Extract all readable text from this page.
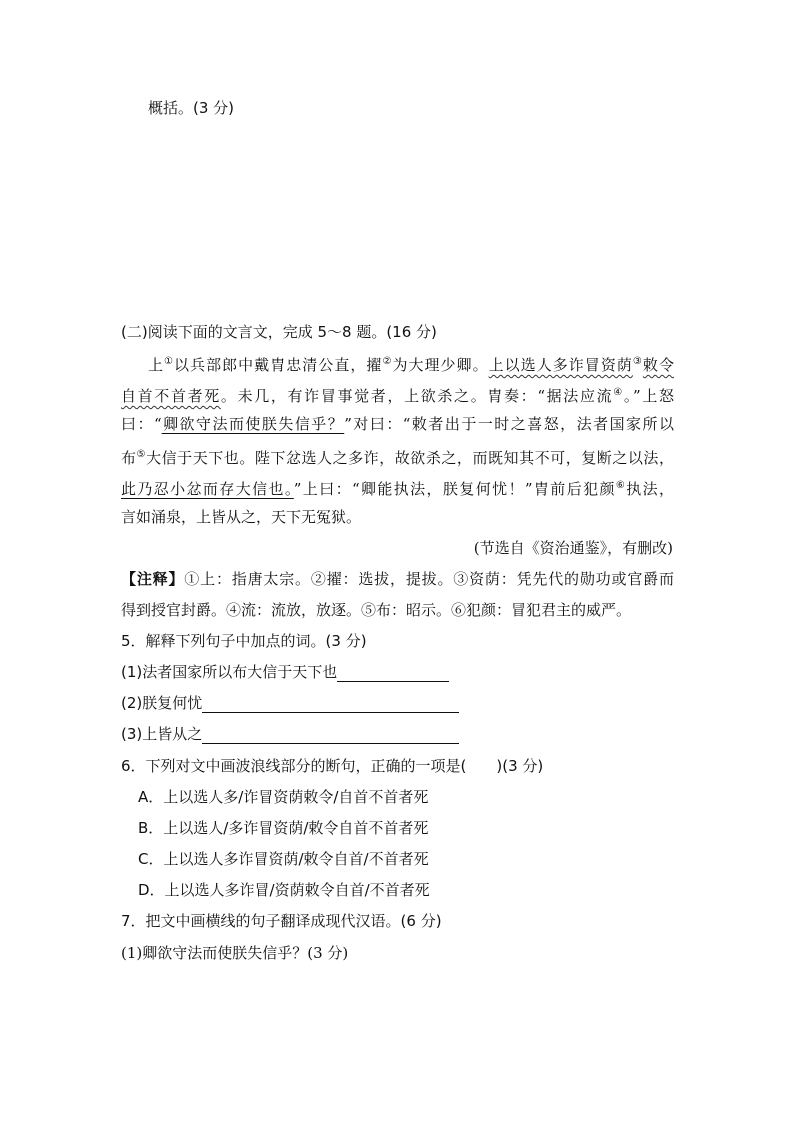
概括。(3 分)
(二)阅读下面的文言文，完成 5～8 题。(16 分)
上①以兵部郎中戴胄忠清公直，擢②为大理少卿。上以选人多诈冒资荫③敕令
自首不首者死。未几，有诈冒事觉者，上欲杀之。胄奏：“据法应流④。”上怒
曰：“卿欲守法而使朕失信乎？”对曰：“敕者出于一时之喜怒，法者国家所以
布⑤大信于天下也。陛下忿选人之多诈，故欲杀之，而既知其不可，复断之以法，
此乃忍小忿而存大信也。”上曰：“卿能执法，朕复何忧！”胄前后犯颜⑥执法，
言如涌泉，上皆从之，天下无冤狱。
(节选自《资治通鉴》，有删改)
【注释】①上：指唐太宗。②擢：选拔，提拔。③资荫：凭先代的勋功或官爵而
得到授官封爵。④流：流放，放逐。⑤布：昭示。⑥犯颜：冒犯君主的威严。
5．解释下列句子中加点的词。(3 分)
(1)法者国家所以布大信于天下也
(2)朕复何忧
(3)上皆从之
6．下列对文中画波浪线部分的断句，正确的一项是(　　)(3 分)
A．上以选人多/诈冒资荫敕令/自首不首者死
B．上以选人/多诈冒资荫/敕令自首不首者死
C．上以选人多诈冒资荫/敕令自首/不首者死
D．上以选人多诈冒/资荫敕令自首/不首者死
7．把文中画横线的句子翻译成现代汉语。(6 分)
(1)卿欲守法而使朕失信乎？(3 分)
